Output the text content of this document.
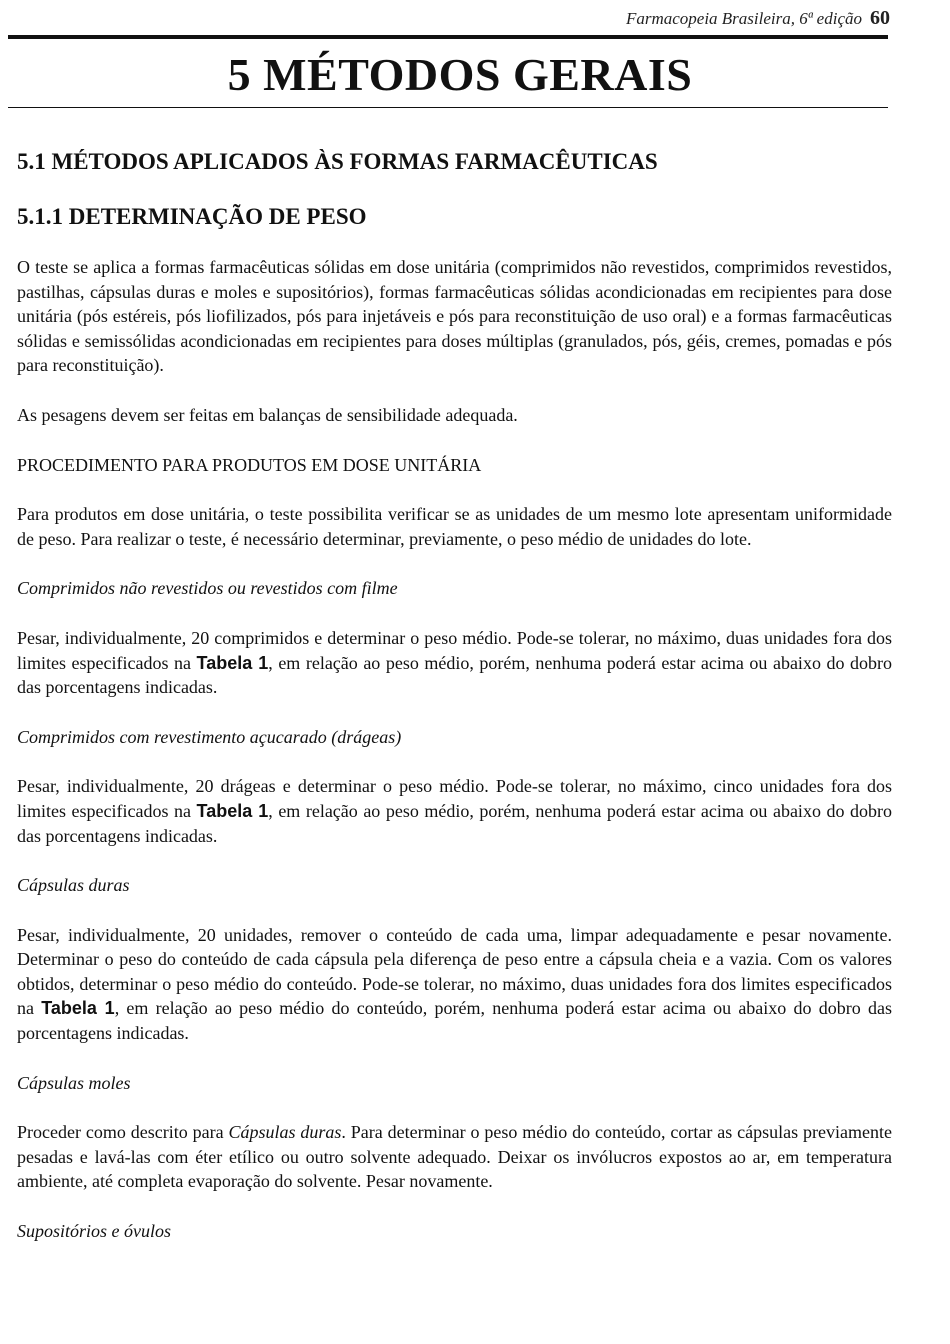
Farmacopeia Brasileira, 6ª edição 60
5 MÉTODOS GERAIS
5.1 MÉTODOS APLICADOS ÀS FORMAS FARMACÊUTICAS
5.1.1 DETERMINAÇÃO DE PESO

O teste se aplica a formas farmacêuticas sólidas em dose unitária (comprimidos não revestidos, comprimidos revestidos, pastilhas, cápsulas duras e moles e supositórios), formas farmacêuticas sólidas acondicionadas em recipientes para dose unitária (pós estéreis, pós liofilizados, pós para injetáveis e pós para reconstituição de uso oral) e a formas farmacêuticas sólidas e semissólidas acondicionadas em recipientes para doses múltiplas (granulados, pós, géis, cremes, pomadas e pós para reconstituição).

As pesagens devem ser feitas em balanças de sensibilidade adequada.

PROCEDIMENTO PARA PRODUTOS EM DOSE UNITÁRIA

Para produtos em dose unitária, o teste possibilita verificar se as unidades de um mesmo lote apresentam uniformidade de peso. Para realizar o teste, é necessário determinar, previamente, o peso médio de unidades do lote.

Comprimidos não revestidos ou revestidos com filme

Pesar, individualmente, 20 comprimidos e determinar o peso médio. Pode-se tolerar, no máximo, duas unidades fora dos limites especificados na Tabela 1, em relação ao peso médio, porém, nenhuma poderá estar acima ou abaixo do dobro das porcentagens indicadas.

Comprimidos com revestimento açucarado (drágeas)

Pesar, individualmente, 20 drágeas e determinar o peso médio. Pode-se tolerar, no máximo, cinco unidades fora dos limites especificados na Tabela 1, em relação ao peso médio, porém, nenhuma poderá estar acima ou abaixo do dobro das porcentagens indicadas.

Cápsulas duras

Pesar, individualmente, 20 unidades, remover o conteúdo de cada uma, limpar adequadamente e pesar novamente. Determinar o peso do conteúdo de cada cápsula pela diferença de peso entre a cápsula cheia e a vazia. Com os valores obtidos, determinar o peso médio do conteúdo. Pode-se tolerar, no máximo, duas unidades fora dos limites especificados na Tabela 1, em relação ao peso médio do conteúdo, porém, nenhuma poderá estar acima ou abaixo do dobro das porcentagens indicadas.

Cápsulas moles

Proceder como descrito para Cápsulas duras. Para determinar o peso médio do conteúdo, cortar as cápsulas previamente pesadas e lavá-las com éter etílico ou outro solvente adequado. Deixar os invólucros expostos ao ar, em temperatura ambiente, até completa evaporação do solvente. Pesar novamente.

Supositórios e óvulos
